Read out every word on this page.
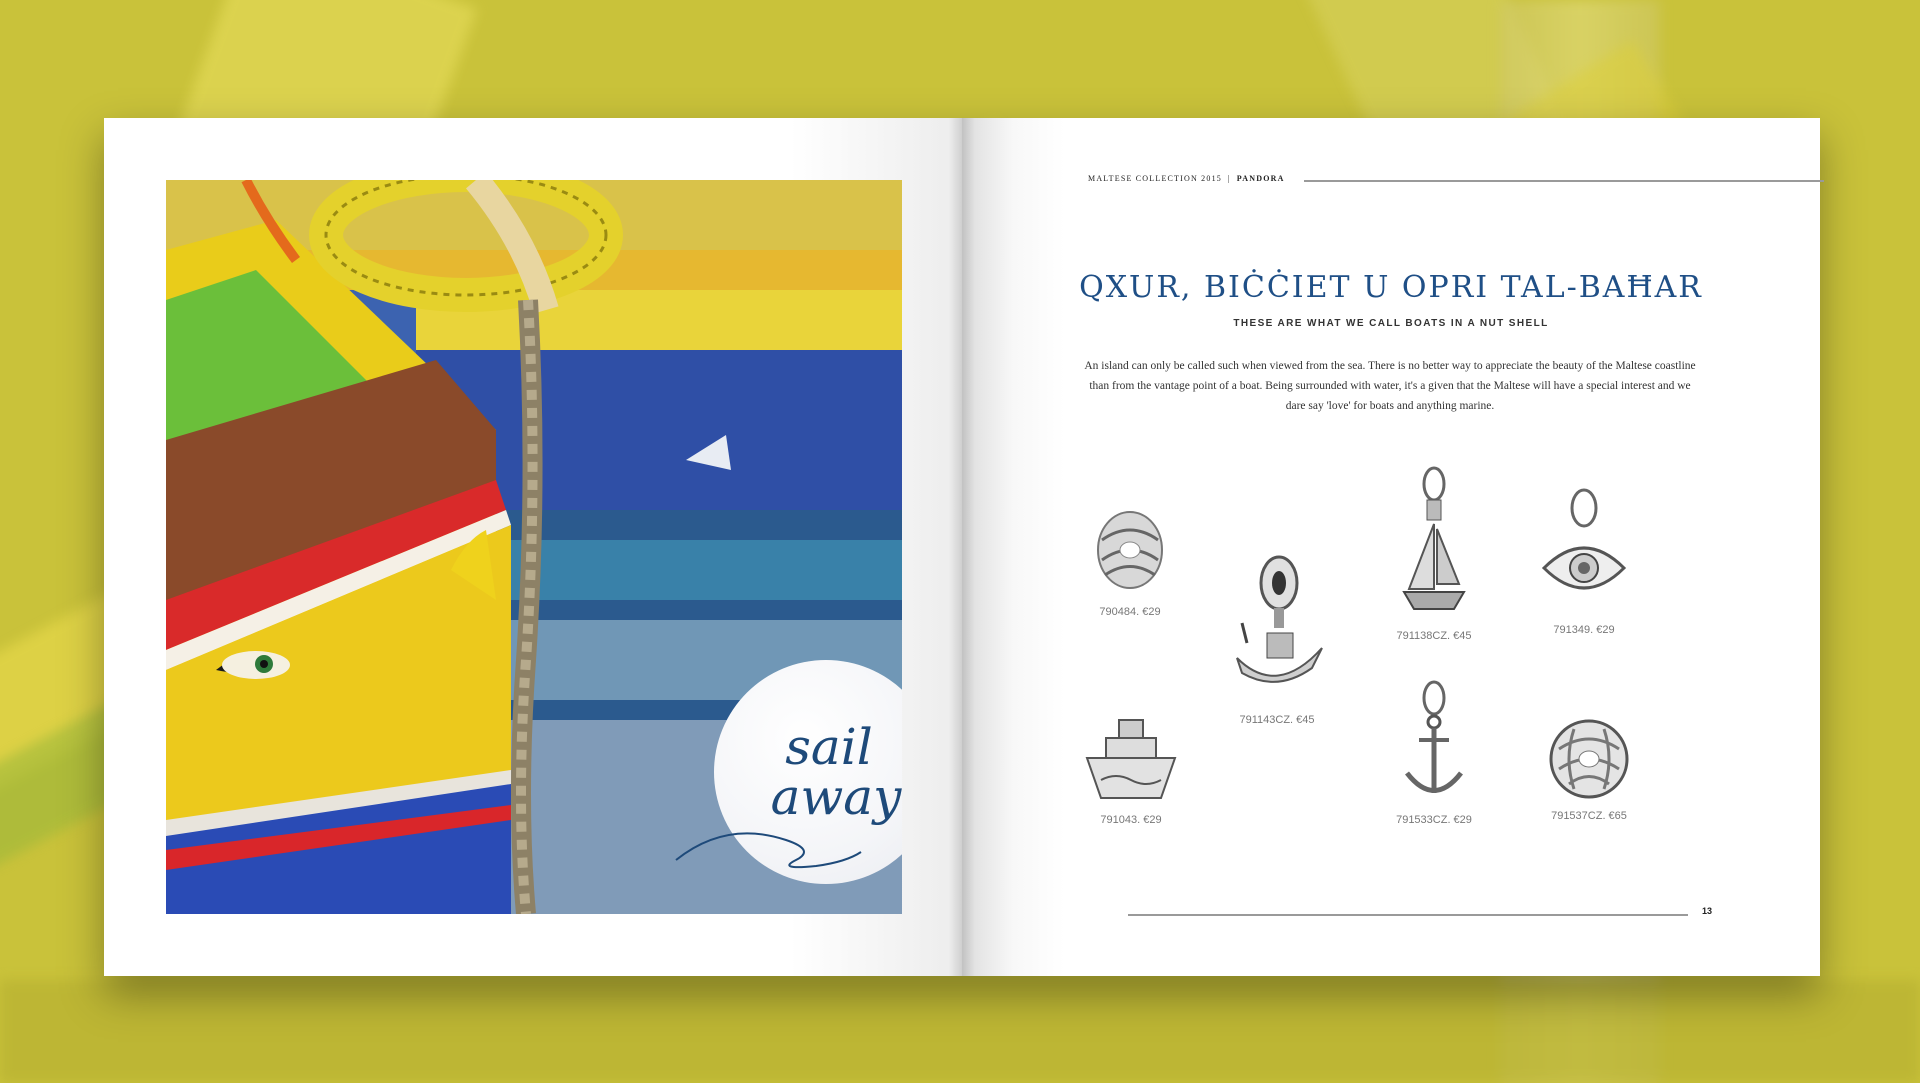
sail
away
MALTESE COLLECTION 2015 | PANDORA
QXUR, BIĊĊIET U OPRI TAL-BAĦAR
THESE ARE WHAT WE CALL BOATS IN A NUT SHELL
An island can only be called such when viewed from the sea. There is no better way to appreciate the beauty of the Maltese coastline than from the vantage point of a boat. Being surrounded with water, it's a given that the Maltese will have a special interest and we dare say 'love' for boats and anything marine.
790484. €29
791143CZ. €45
791138CZ. €45	791349. €29
791043. €29	791533CZ. €29	791537CZ. €65
13
